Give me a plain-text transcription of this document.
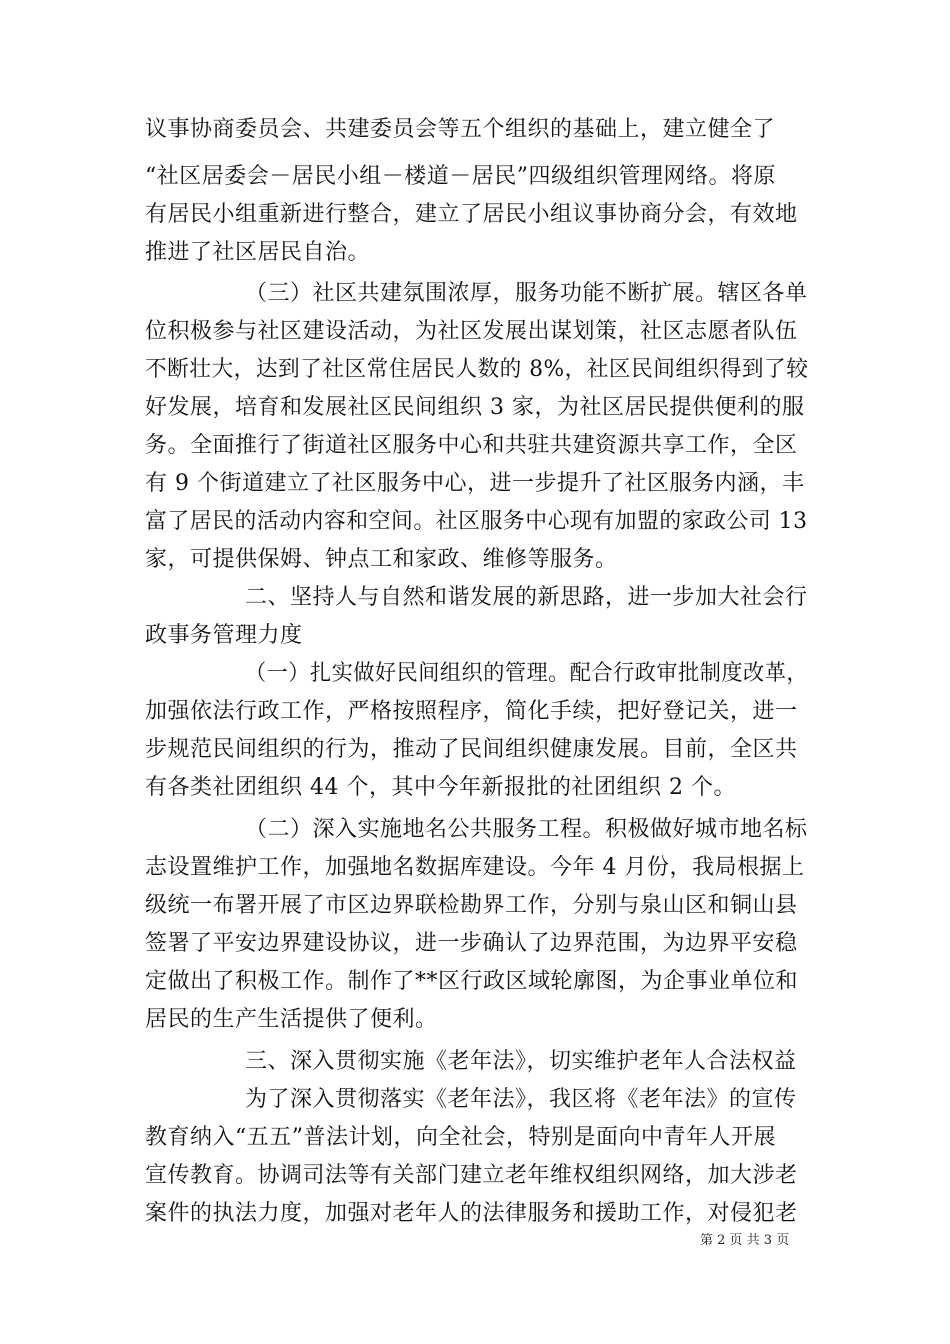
议事协商委员会、共建委员会等五个组织的基础上，建立健全了
“社区居委会－居民小组－楼道－居民”四级组织管理网络。将原
有居民小组重新进行整合，建立了居民小组议事协商分会，有效地
推进了社区居民自治。
（三）社区共建氛围浓厚，服务功能不断扩展。辖区各单
位积极参与社区建设活动，为社区发展出谋划策，社区志愿者队伍
不断壮大，达到了社区常住居民人数的 8%，社区民间组织得到了较
好发展，培育和发展社区民间组织 3 家，为社区居民提供便利的服
务。全面推行了街道社区服务中心和共驻共建资源共享工作，全区
有 9 个街道建立了社区服务中心，进一步提升了社区服务内涵，丰
富了居民的活动内容和空间。社区服务中心现有加盟的家政公司 13
家，可提供保姆、钟点工和家政、维修等服务。
二、坚持人与自然和谐发展的新思路，进一步加大社会行
政事务管理力度
（一）扎实做好民间组织的管理。配合行政审批制度改革，
加强依法行政工作，严格按照程序，简化手续，把好登记关，进一
步规范民间组织的行为，推动了民间组织健康发展。目前，全区共
有各类社团组织 44 个，其中今年新报批的社团组织 2 个。
（二）深入实施地名公共服务工程。积极做好城市地名标
志设置维护工作，加强地名数据库建设。今年 4 月份，我局根据上
级统一布署开展了市区边界联检勘界工作，分别与泉山区和铜山县
签署了平安边界建设协议，进一步确认了边界范围，为边界平安稳
定做出了积极工作。制作了**区行政区域轮廓图，为企事业单位和
居民的生产生活提供了便利。
三、深入贯彻实施《老年法》，切实维护老年人合法权益
为了深入贯彻落实《老年法》，我区将《老年法》的宣传
教育纳入“五五”普法计划，向全社会，特别是面向中青年人开展
宣传教育。协调司法等有关部门建立老年维权组织网络，加大涉老
案件的执法力度，加强对老年人的法律服务和援助工作，对侵犯老
第 2 页 共 3 页
